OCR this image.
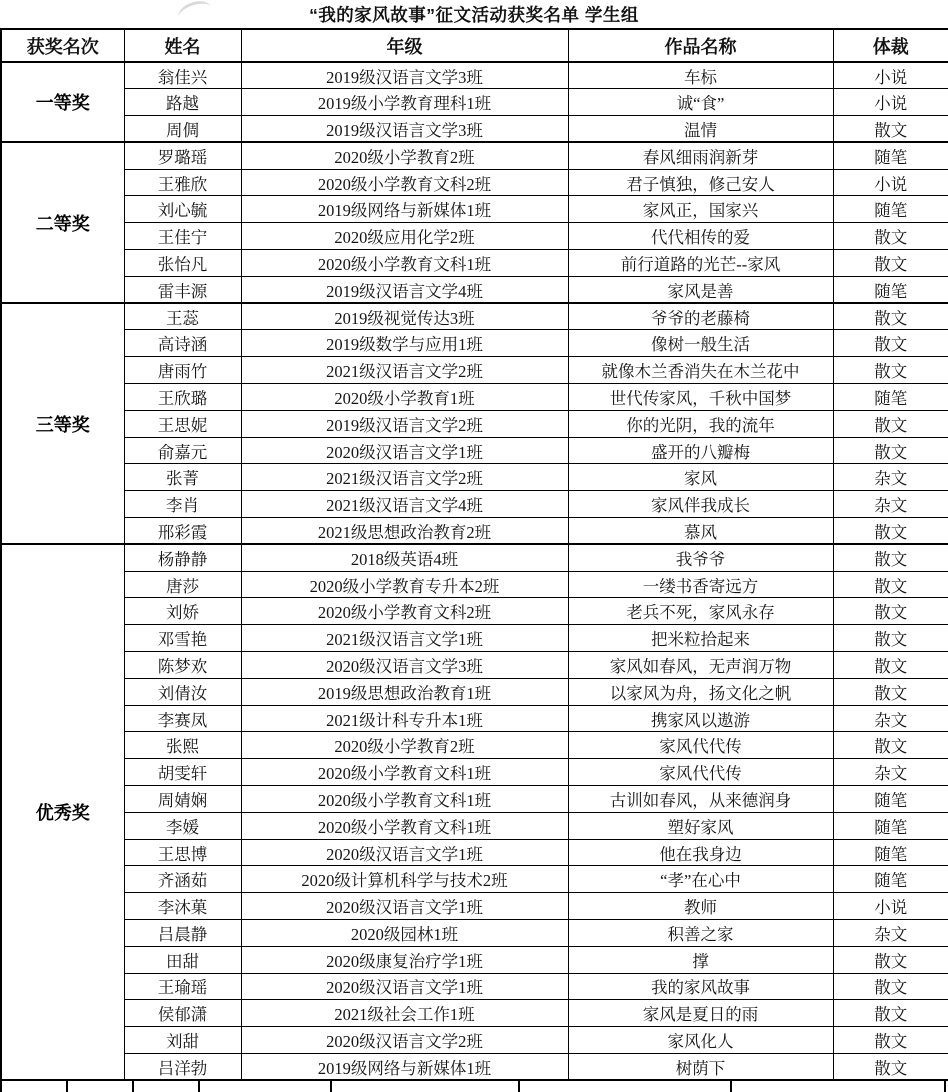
“我的家风故事”征文活动获奖名单 学生组
获奖名次	姓名	年级	作品名称	体裁
一等奖	翁佳兴	2019级汉语言文学3班	车标	小说
	路越	2019级小学教育理科1班	诚“食”	小说
	周倜	2019级汉语言文学3班	温情	散文
二等奖	罗璐瑶	2020级小学教育2班	春风细雨润新芽	随笔
	王雅欣	2020级小学教育文科2班	君子慎独，修己安人	小说
	刘心毓	2019级网络与新媒体1班	家风正，国家兴	随笔
	王佳宁	2020级应用化学2班	代代相传的爱	散文
	张怡凡	2020级小学教育文科1班	前行道路的光芒--家风	散文
	雷丰源	2019级汉语言文学4班	家风是善	随笔
三等奖	王蕊	2019级视觉传达3班	爷爷的老藤椅	散文
	高诗涵	2019级数学与应用1班	像树一般生活	散文
	唐雨竹	2021级汉语言文学2班	就像木兰香消失在木兰花中	散文
	王欣璐	2020级小学教育1班	世代传家风，千秋中国梦	随笔
	王思妮	2019级汉语言文学2班	你的光阴，我的流年	散文
	俞嘉元	2020级汉语言文学1班	盛开的八瓣梅	散文
	张菁	2021级汉语言文学2班	家风	杂文
	李肖	2021级汉语言文学4班	家风伴我成长	杂文
	邢彩霞	2021级思想政治教育2班	慕风	散文
优秀奖	杨静静	2018级英语4班	我爷爷	散文
	唐莎	2020级小学教育专升本2班	一缕书香寄远方	散文
	刘娇	2020级小学教育文科2班	老兵不死，家风永存	散文
	邓雪艳	2021级汉语言文学1班	把米粒拾起来	散文
	陈梦欢	2020级汉语言文学3班	家风如春风，无声润万物	散文
	刘倩汝	2019级思想政治教育1班	以家风为舟，扬文化之帆	散文
	李赛凤	2021级计科专升本1班	携家风以遨游	杂文
	张熙	2020级小学教育2班	家风代代传	散文
	胡雯轩	2020级小学教育文科1班	家风代代传	杂文
	周婧娴	2020级小学教育文科1班	古训如春风，从来德润身	随笔
	李媛	2020级小学教育文科1班	塑好家风	随笔
	王思博	2020级汉语言文学1班	他在我身边	随笔
	齐涵茹	2020级计算机科学与技术2班	“孝”在心中	随笔
	李沐菓	2020级汉语言文学1班	教师	小说
	吕晨静	2020级园林1班	积善之家	杂文
	田甜	2020级康复治疗学1班	撑	散文
	王瑜瑶	2020级汉语言文学1班	我的家风故事	散文
	侯郁潇	2021级社会工作1班	家风是夏日的雨	散文
	刘甜	2020级汉语言文学2班	家风化人	散文
	吕洋勃	2019级网络与新媒体1班	树荫下	散文
